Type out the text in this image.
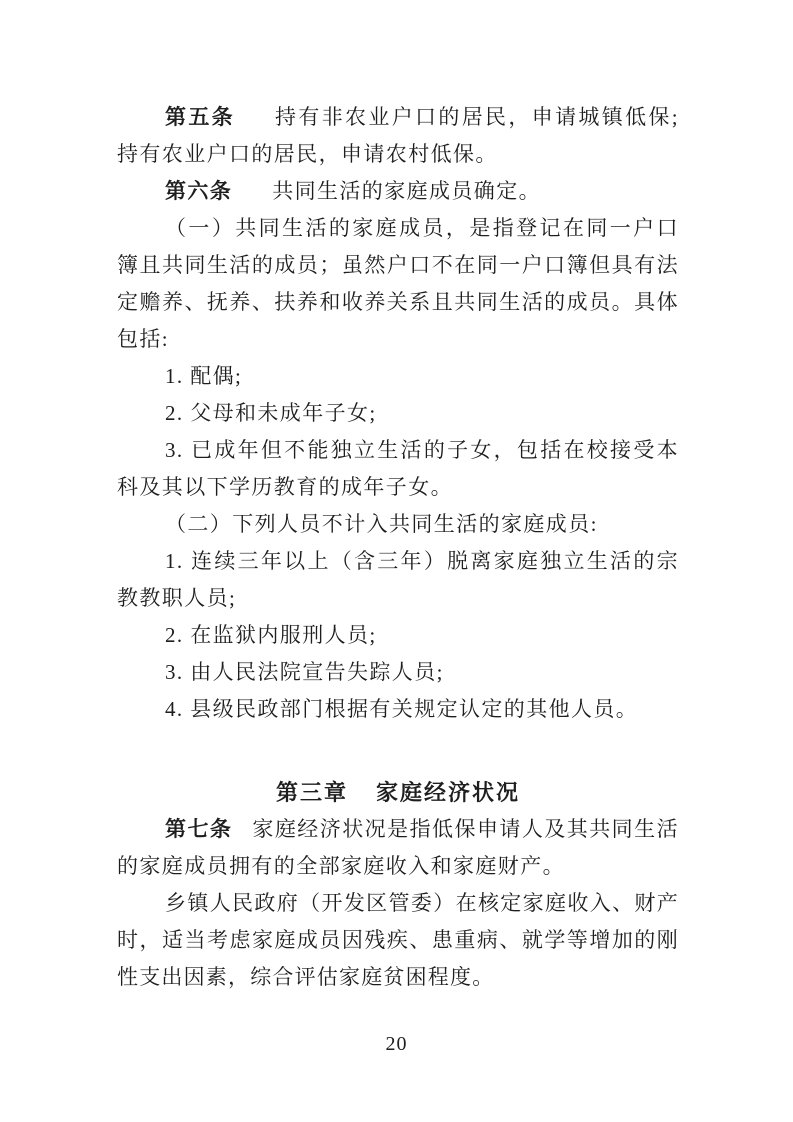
第五条 持有非农业户口的居民，申请城镇低保;持有农业户口的居民，申请农村低保。

第六条 共同生活的家庭成员确定。

（一）共同生活的家庭成员，是指登记在同一户口簿且共同生活的成员；虽然户口不在同一户口簿但具有法定赡养、抚养、扶养和收养关系且共同生活的成员。具体包括:

1. 配偶;

2. 父母和未成年子女;

3. 已成年但不能独立生活的子女，包括在校接受本科及其以下学历教育的成年子女。

（二）下列人员不计入共同生活的家庭成员:

1. 连续三年以上（含三年）脱离家庭独立生活的宗教教职人员;

2. 在监狱内服刑人员;

3. 由人民法院宣告失踪人员;

4. 县级民政部门根据有关规定认定的其他人员。

第三章 家庭经济状况

第七条 家庭经济状况是指低保申请人及其共同生活的家庭成员拥有的全部家庭收入和家庭财产。

乡镇人民政府（开发区管委）在核定家庭收入、财产时，适当考虑家庭成员因残疾、患重病、就学等增加的刚性支出因素，综合评估家庭贫困程度。

20
